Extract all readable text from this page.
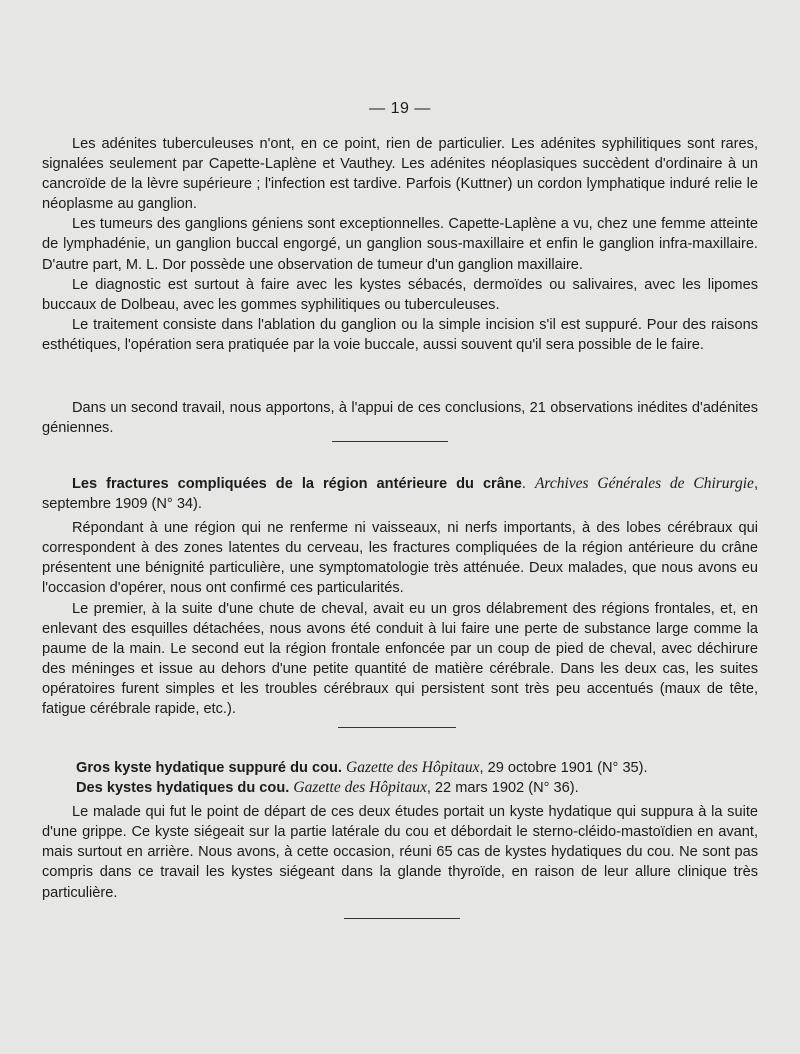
— 19 —

Les adénites tuberculeuses n'ont, en ce point, rien de particulier. Les adénites syphilitiques sont rares, signalées seulement par Capette-Laplène et Vauthey. Les adénites néoplasiques succèdent d'ordinaire à un cancroïde de la lèvre supérieure ; l'infection est tardive. Parfois (Kuttner) un cordon lymphatique induré relie le néoplasme au ganglion.

Les tumeurs des ganglions géniens sont exceptionnelles. Capette-Laplène a vu, chez une femme atteinte de lymphadénie, un ganglion buccal engorgé, un ganglion sous-maxillaire et enfin le ganglion infra-maxillaire. D'autre part, M. L. Dor possède une observation de tumeur d'un ganglion maxillaire.

Le diagnostic est surtout à faire avec les kystes sébacés, dermoïdes ou salivaires, avec les lipomes buccaux de Dolbeau, avec les gommes syphilitiques ou tuberculeuses.

Le traitement consiste dans l'ablation du ganglion ou la simple incision s'il est suppuré. Pour des raisons esthétiques, l'opération sera pratiquée par la voie buccale, aussi souvent qu'il sera possible de le faire.

Dans un second travail, nous apportons, à l'appui de ces conclusions, 21 observations inédites d'adénites géniennes.

Les fractures compliquées de la région antérieure du crâne. Archives Générales de Chirurgie, septembre 1909 (N° 34).

Répondant à une région qui ne renferme ni vaisseaux, ni nerfs importants, à des lobes cérébraux qui correspondent à des zones latentes du cerveau, les fractures compliquées de la région antérieure du crâne présentent une bénignité particulière, une symptomatologie très atténuée. Deux malades, que nous avons eu l'occasion d'opérer, nous ont confirmé ces particularités.

Le premier, à la suite d'une chute de cheval, avait eu un gros délabrement des régions frontales, et, en enlevant des esquilles détachées, nous avons été conduit à lui faire une perte de substance large comme la paume de la main. Le second eut la région frontale enfoncée par un coup de pied de cheval, avec déchirure des méninges et issue au dehors d'une petite quantité de matière cérébrale. Dans les deux cas, les suites opératoires furent simples et les troubles cérébraux qui persistent sont très peu accentués (maux de tête, fatigue cérébrale rapide, etc.).

Gros kyste hydatique suppuré du cou. Gazette des Hôpitaux, 29 octobre 1901 (N° 35).

Des kystes hydatiques du cou. Gazette des Hôpitaux, 22 mars 1902 (N° 36).

Le malade qui fut le point de départ de ces deux études portait un kyste hydatique qui suppura à la suite d'une grippe. Ce kyste siégeait sur la partie latérale du cou et débordait le sterno-cléido-mastoïdien en avant, mais surtout en arrière. Nous avons, à cette occasion, réuni 65 cas de kystes hydatiques du cou. Ne sont pas compris dans ce travail les kystes siégeant dans la glande thyroïde, en raison de leur allure clinique très particulière.
